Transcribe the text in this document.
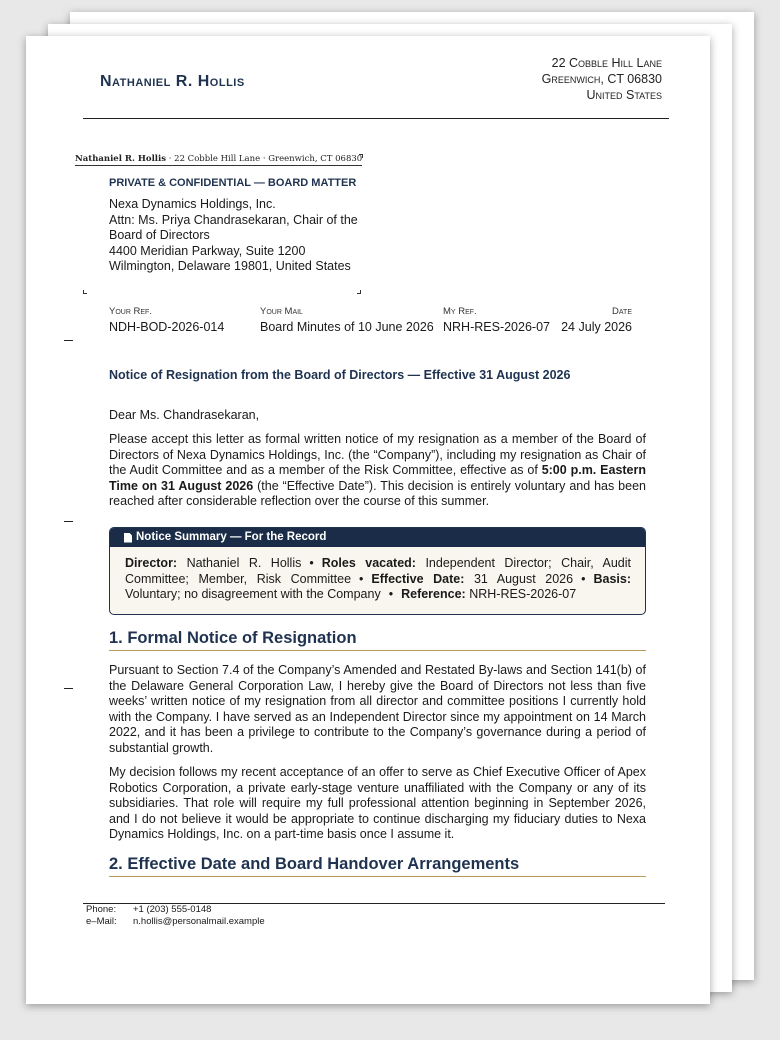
Nathaniel R. Hollis
22 Cobble Hill Lane
Greenwich, CT 06830
United States
Nathaniel R. Hollis · 22 Cobble Hill Lane · Greenwich, CT 06830
PRIVATE & CONFIDENTIAL — BOARD MATTER
Nexa Dynamics Holdings, Inc.
Attn: Ms. Priya Chandrasekaran, Chair of the
Board of Directors
4400 Meridian Parkway, Suite 1200
Wilmington, Delaware 19801, United States
Your Ref.
NDH-BOD-2026-014
Your Mail
Board Minutes of 10 June 2026
My Ref.
NRH-RES-2026-07
Date
24 July 2026
Notice of Resignation from the Board of Directors — Effective 31 August 2026
Dear Ms. Chandrasekaran,
Please accept this letter as formal written notice of my resignation as a member of the Board of Directors of Nexa Dynamics Holdings, Inc. (the “Company”), including my resignation as Chair of the Audit Committee and as a member of the Risk Committee, effective as of 5:00 p.m. Eastern Time on 31 August 2026 (the “Effective Date”). This decision is entirely voluntary and has been reached after considerable reflection over the course of this summer.
Notice Summary — For the Record
Director: Nathaniel R. Hollis • Roles vacated: Independent Director; Chair, Audit Committee; Member, Risk Committee • Effective Date: 31 August 2026 • Basis: Voluntary; no disagreement with the Company • Reference: NRH-RES-2026-07
1. Formal Notice of Resignation
Pursuant to Section 7.4 of the Company’s Amended and Restated By-laws and Section 141(b) of the Delaware General Corporation Law, I hereby give the Board of Directors not less than five weeks’ written notice of my resignation from all director and committee positions I currently hold with the Company. I have served as an Independent Director since my appointment on 14 March 2022, and it has been a privilege to contribute to the Company’s governance during a period of substantial growth.
My decision follows my recent acceptance of an offer to serve as Chief Executive Officer of Apex Robotics Corporation, a private early-stage venture unaffiliated with the Company or any of its subsidiaries. That role will require my full professional attention beginning in September 2026, and I do not believe it would be appropriate to continue discharging my fiduciary duties to Nexa Dynamics Holdings, Inc. on a part-time basis once I assume it.
2. Effective Date and Board Handover Arrangements
Phone: +1 (203) 555-0148
e–Mail: n.hollis@personalmail.example
